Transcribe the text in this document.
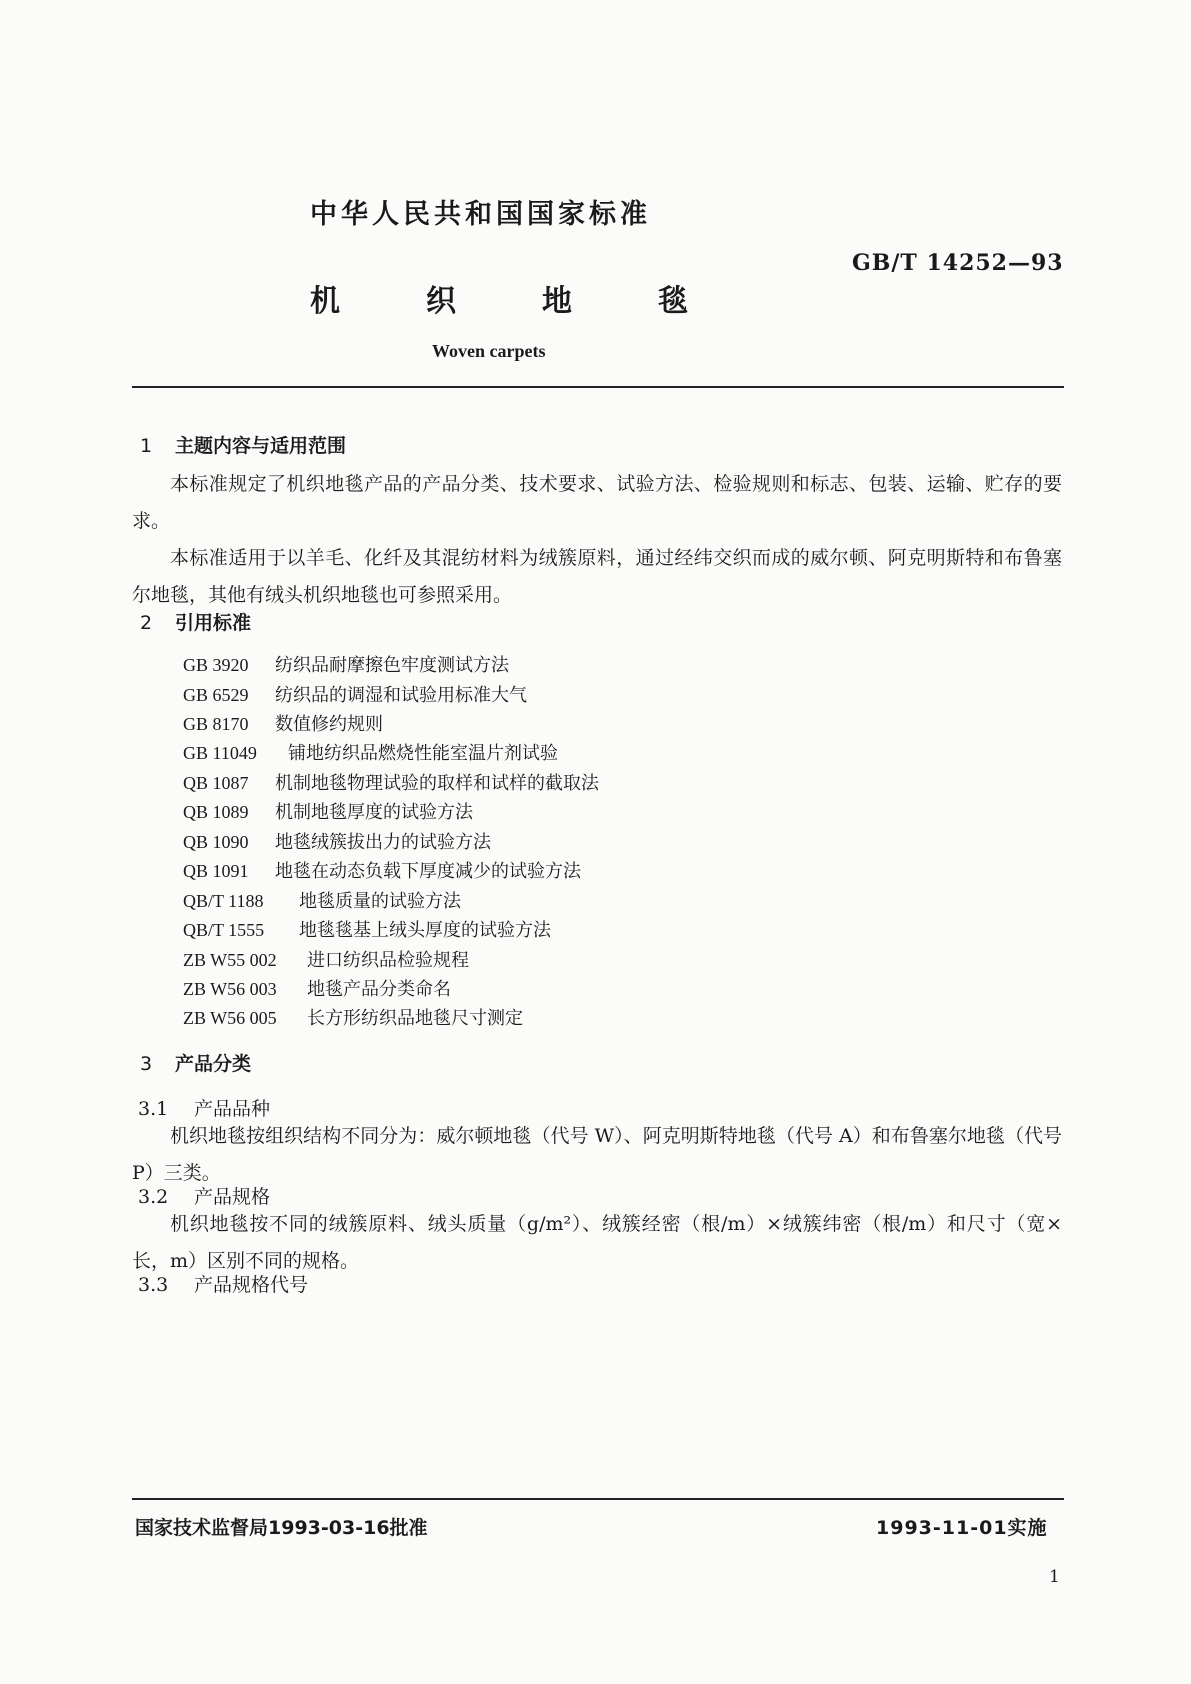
中华人民共和国国家标准
GB/T 14252—93
机	织	地	毯
Woven carpets
1 主题内容与适用范围
本标准规定了机织地毯产品的产品分类、技术要求、试验方法、检验规则和标志、包装、运输、贮存的要求。
本标准适用于以羊毛、化纤及其混纺材料为绒簇原料，通过经纬交织而成的威尔顿、阿克明斯特和布鲁塞尔地毯，其他有绒头机织地毯也可参照采用。
2 引用标准
GB 3920 纺织品耐摩擦色牢度测试方法
GB 6529 纺织品的调湿和试验用标准大气
GB 8170 数值修约规则
GB 11049 铺地纺织品燃烧性能室温片剂试验
QB 1087 机制地毯物理试验的取样和试样的截取法
QB 1089 机制地毯厚度的试验方法
QB 1090 地毯绒簇拔出力的试验方法
QB 1091 地毯在动态负载下厚度减少的试验方法
QB/T 1188 地毯质量的试验方法
QB/T 1555 地毯毯基上绒头厚度的试验方法
ZB W55 002 进口纺织品检验规程
ZB W56 003 地毯产品分类命名
ZB W56 005 长方形纺织品地毯尺寸测定
3 产品分类
3.1 产品品种
机织地毯按组织结构不同分为：威尔顿地毯（代号 W）、阿克明斯特地毯（代号 A）和布鲁塞尔地毯（代号 P）三类。
3.2 产品规格
机织地毯按不同的绒簇原料、绒头质量（g/m²）、绒簇经密（根/m）×绒簇纬密（根/m）和尺寸（宽×长，m）区别不同的规格。
3.3 产品规格代号
国家技术监督局1993-03-16批准	1993-11-01实施
1
